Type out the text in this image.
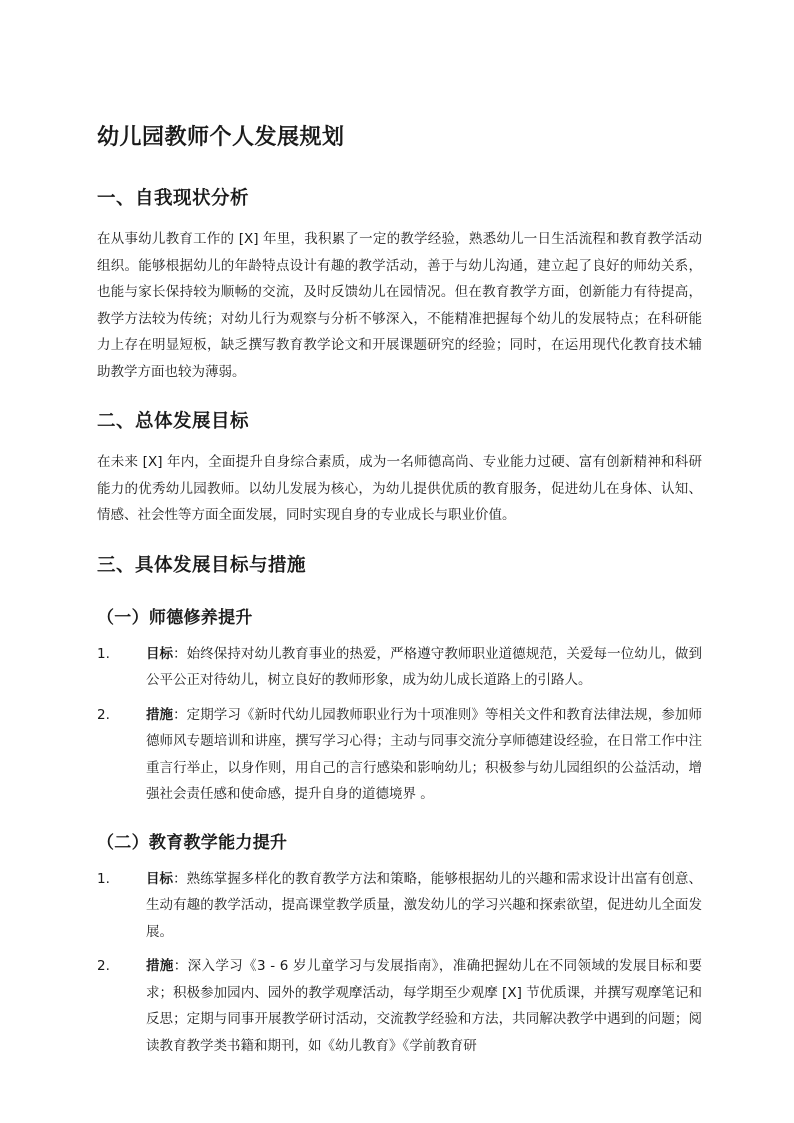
幼儿园教师个人发展规划
一、自我现状分析
在从事幼儿教育工作的 [X] 年里，我积累了一定的教学经验，熟悉幼儿一日生活流程和教育教学活动组织。能够根据幼儿的年龄特点设计有趣的教学活动，善于与幼儿沟通，建立起了良好的师幼关系，也能与家长保持较为顺畅的交流，及时反馈幼儿在园情况。但在教育教学方面，创新能力有待提高，教学方法较为传统；对幼儿行为观察与分析不够深入，不能精准把握每个幼儿的发展特点；在科研能力上存在明显短板，缺乏撰写教育教学论文和开展课题研究的经验；同时，在运用现代化教育技术辅助教学方面也较为薄弱。
二、总体发展目标
在未来 [X] 年内，全面提升自身综合素质，成为一名师德高尚、专业能力过硬、富有创新精神和科研能力的优秀幼儿园教师。以幼儿发展为核心，为幼儿提供优质的教育服务，促进幼儿在身体、认知、情感、社会性等方面全面发展，同时实现自身的专业成长与职业价值。
三、具体发展目标与措施
（一）师德修养提升
1.	目标：始终保持对幼儿教育事业的热爱，严格遵守教师职业道德规范，关爱每一位幼儿，做到公平公正对待幼儿，树立良好的教师形象，成为幼儿成长道路上的引路人。
2.	措施：定期学习《新时代幼儿园教师职业行为十项准则》等相关文件和教育法律法规，参加师德师风专题培训和讲座，撰写学习心得；主动与同事交流分享师德建设经验，在日常工作中注重言行举止，以身作则，用自己的言行感染和影响幼儿；积极参与幼儿园组织的公益活动，增强社会责任感和使命感，提升自身的道德境界 。
（二）教育教学能力提升
1.	目标：熟练掌握多样化的教育教学方法和策略，能够根据幼儿的兴趣和需求设计出富有创意、生动有趣的教学活动，提高课堂教学质量，激发幼儿的学习兴趣和探索欲望，促进幼儿全面发展。
2.	措施：深入学习《3 - 6 岁儿童学习与发展指南》，准确把握幼儿在不同领域的发展目标和要求；积极参加园内、园外的教学观摩活动，每学期至少观摩 [X] 节优质课，并撰写观摩笔记和反思；定期与同事开展教学研讨活动，交流教学经验和方法，共同解决教学中遇到的问题；阅读教育教学类书籍和期刊，如《幼儿教育》《学前教育研
